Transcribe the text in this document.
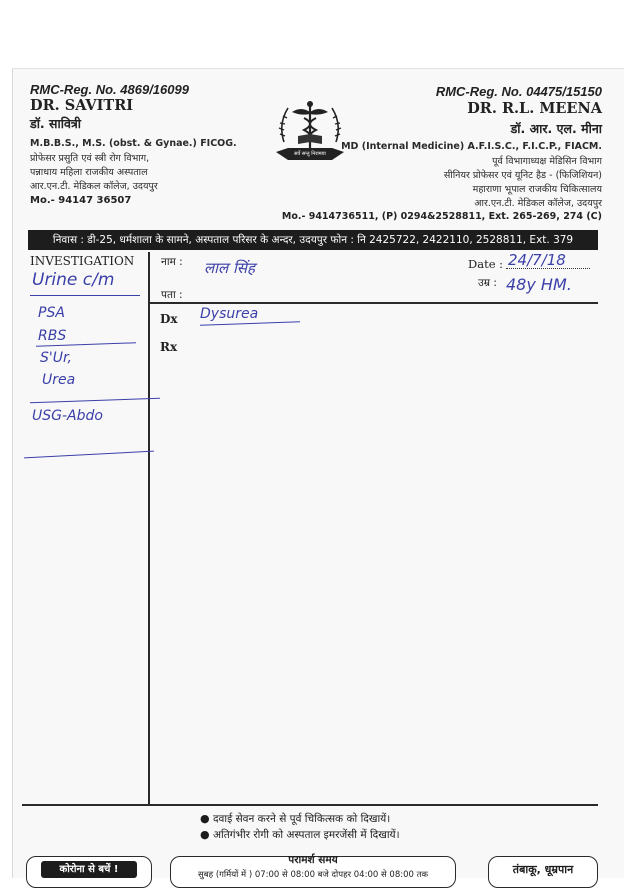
RMC-Reg. No. 4869/16099
DR. SAVITRI
डॉ. सावित्री
M.B.B.S., M.S. (obst. & Gynae.) FICOG.
प्रोफेसर प्रसुति एवं स्त्री रोग विभाग,
पन्नाधाय महिला राजकीय अस्पताल
आर.एन.टी. मेडिकल कॉलेज, उदयपुर
Mo.- 94147 36507
सर्वे सन्तु निरामया
RMC-Reg. No. 04475/15150
DR. R.L. MEENA
डॉ. आर. एल. मीना
MD (Internal Medicine) A.F.I.S.C., F.I.C.P., FIACM.
पूर्व विभागाध्यक्ष मेडिसिन विभाग
सीनियर प्रोफेसर एवं यूनिट हैड - (फिजिशियन)
महाराणा भूपाल राजकीय चिकित्सालय
आर.एन.टी. मेडिकल कॉलेज, उदयपुर
Mo.- 9414736511, (P) 0294&2528811, Ext. 265-269, 274 (C)
निवास : डी-25, धर्मशाला के सामने, अस्पताल परिसर के अन्दर, उदयपुर फोन : नि 2425722, 2422110, 2528811, Ext. 379
INVESTIGATION	नाम : लाल सिंह
पता :
Date : 24/7/18
उम्र : 48y HM.
Dx Dysurea
Rx
Urine c/m
PSA
RBS
S'Ur,
Urea
USG-Abdo
● दवाई सेवन करने से पूर्व चिकित्सक को दिखायें।
● अतिगंभीर रोगी को अस्पताल इमरजेंसी में दिखायें।
कोरोना से बचें !
परामर्श समय
सुबह (गर्मियों में ) 07:00 से 08:00 बजे दोपहर 04:00 से 08:00 तक	तंबाकू, धूम्रपान
